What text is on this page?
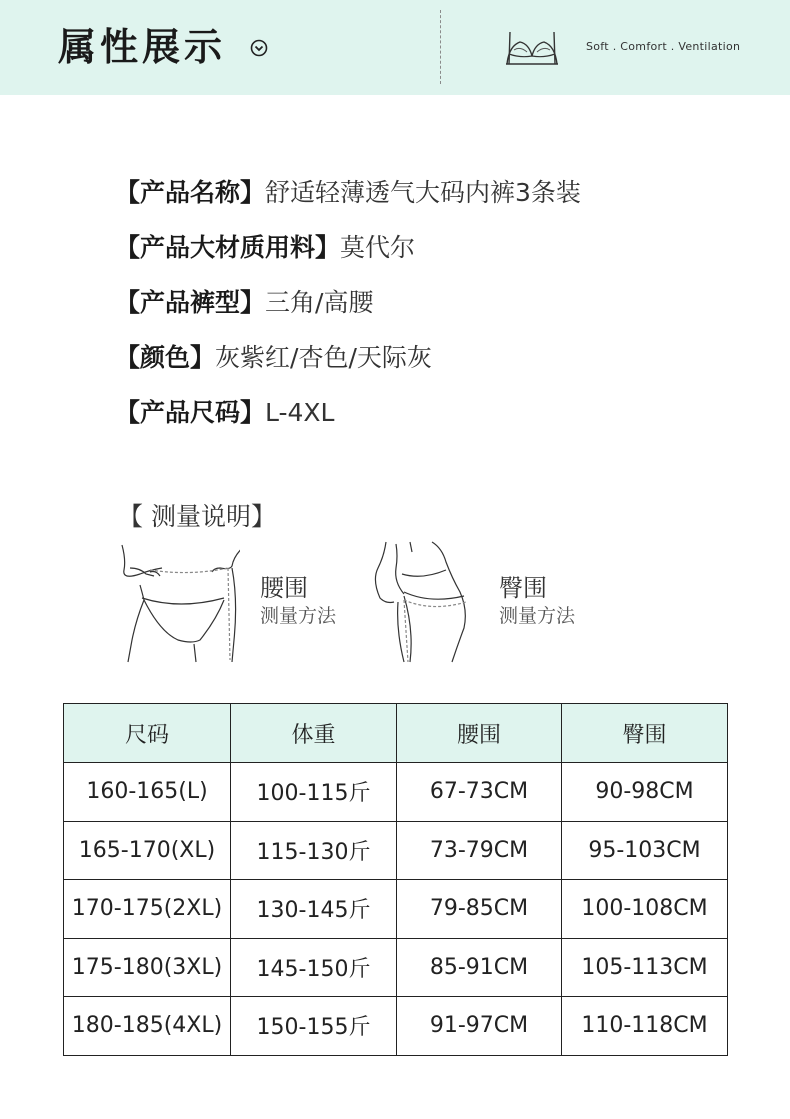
属性展示	Soft . Comfort . Ventilation
【产品名称】舒适轻薄透气大码内裤3条装
【产品大材质用料】莫代尔
【产品裤型】三角/高腰
【颜色】灰紫红/杏色/天际灰
【产品尺码】L-4XL
【 测量说明】
腰围
测量方法
臀围
测量方法
尺码	体重	腰围	臀围
160-165(L)	100-115斤	67-73CM	90-98CM
165-170(XL)	115-130斤	73-79CM	95-103CM
170-175(2XL)	130-145斤	79-85CM	100-108CM
175-180(3XL)	145-150斤	85-91CM	105-113CM
180-185(4XL)	150-155斤	91-97CM	110-118CM
